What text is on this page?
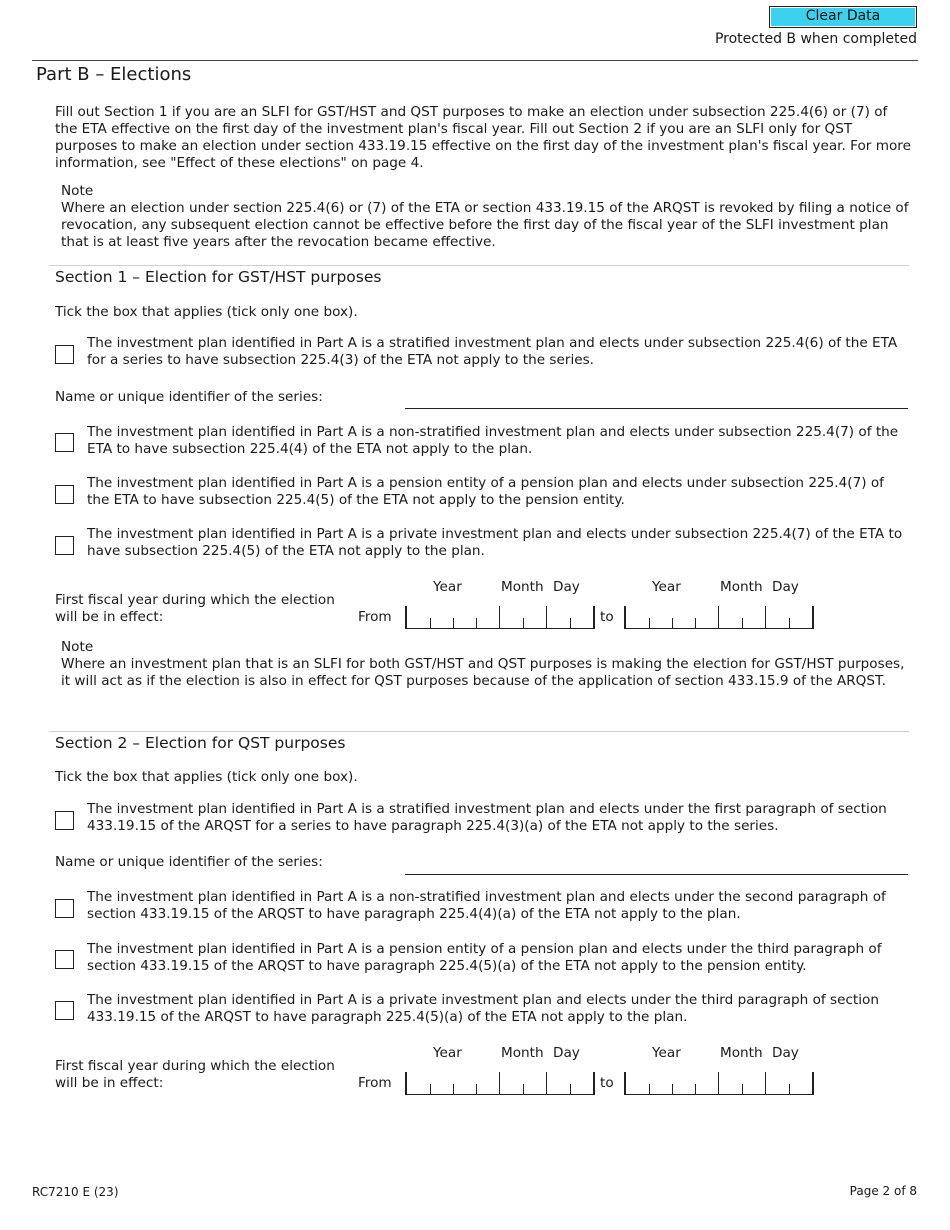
Clear Data
Protected B when completed
Part B – Elections
Fill out Section 1 if you are an SLFI for GST/HST and QST purposes to make an election under subsection 225.4(6) or (7) of the ETA effective on the first day of the investment plan's fiscal year. Fill out Section 2 if you are an SLFI only for QST purposes to make an election under section 433.19.15 effective on the first day of the investment plan's fiscal year. For more information, see "Effect of these elections" on page 4.
Note
Where an election under section 225.4(6) or (7) of the ETA or section 433.19.15 of the ARQST is revoked by filing a notice of revocation, any subsequent election cannot be effective before the first day of the fiscal year of the SLFI investment plan that is at least five years after the revocation became effective.
Section 1 – Election for GST/HST purposes
Tick the box that applies (tick only one box).
The investment plan identified in Part A is a stratified investment plan and elects under subsection 225.4(6) of the ETA for a series to have subsection 225.4(3) of the ETA not apply to the series.
Name or unique identifier of the series:
The investment plan identified in Part A is a non-stratified investment plan and elects under subsection 225.4(7) of the ETA to have subsection 225.4(4) of the ETA not apply to the plan.
The investment plan identified in Part A is a pension entity of a pension plan and elects under subsection 225.4(7) of the ETA to have subsection 225.4(5) of the ETA not apply to the pension entity.
The investment plan identified in Part A is a private investment plan and elects under subsection 225.4(7) of the ETA to have subsection 225.4(5) of the ETA not apply to the plan.
Year	Month Day	Year	Month Day
First fiscal year during which the election will be in effect:	From	to
Note
Where an investment plan that is an SLFI for both GST/HST and QST purposes is making the election for GST/HST purposes, it will act as if the election is also in effect for QST purposes because of the application of section 433.15.9 of the ARQST.
Section 2 – Election for QST purposes
Tick the box that applies (tick only one box).
The investment plan identified in Part A is a stratified investment plan and elects under the first paragraph of section 433.19.15 of the ARQST for a series to have paragraph 225.4(3)(a) of the ETA not apply to the series.
Name or unique identifier of the series:
The investment plan identified in Part A is a non-stratified investment plan and elects under the second paragraph of section 433.19.15 of the ARQST to have paragraph 225.4(4)(a) of the ETA not apply to the plan.
The investment plan identified in Part A is a pension entity of a pension plan and elects under the third paragraph of section 433.19.15 of the ARQST to have paragraph 225.4(5)(a) of the ETA not apply to the pension entity.
The investment plan identified in Part A is a private investment plan and elects under the third paragraph of section 433.19.15 of the ARQST to have paragraph 225.4(5)(a) of the ETA not apply to the plan.
Year	Month Day	Year	Month Day
First fiscal year during which the election will be in effect:	From	to
RC7210 E (23)	Page 2 of 8
